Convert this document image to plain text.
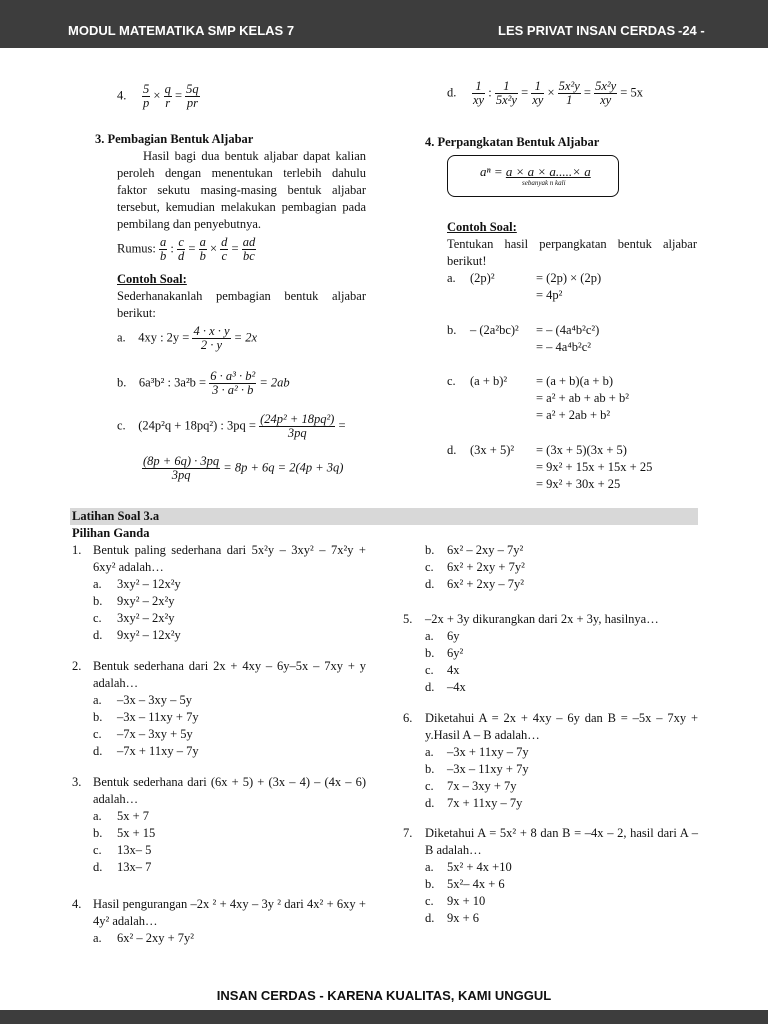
MODUL MATEMATIKA SMP KELAS 7	LES PRIVAT INSAN CERDAS -24 -
4. $\frac{5}{p} \times \frac{q}{r} = \frac{5q}{pr}$	d. $\frac{1}{xy}$ : $\frac{1}{\text{5x²y}} = \frac{1}{xy} \times \frac{\text{5x²y}}{1} = \frac{\text{5x²y}}{xy} = 5x$
3. Pembagian Bentuk Aljabar
Hasil bagi dua bentuk aljabar dapat kalian peroleh dengan menentukan terlebih dahulu faktor sekutu masing-masing bentuk aljabar tersebut, kemudian melakukan pembagian pada pembilang dan penyebutnya.
Rumus: $\frac{a}{b}$ : $\frac{c}{d} = \frac{a}{b} \times \frac{d}{c} = \frac{ad}{bc}$
Contoh Soal:
Sederhanakanlah pembagian bentuk aljabar berikut:
a. 4xy : $2y = \frac{4 \cdot x \cdot y}{2 \cdot y} = 2x$
b. 6a³b² : $3a^2b = \frac{\text{6 · a³ · b²}}{\text{3 · a² · b}} = 2ab$
c. (24p²q + 18pq²) : $3pq = \frac{\text{(24p² + 18pq²)}}{3pq}$ =
$\frac{(8p + 6q) \cdot 3pq}{3pq} = 8p + 6q = 2(4p + 3q)$
4. Perpangkatan Bentuk Aljabar
aⁿ = a × a × a.....× a
sebanyak n kali
Contoh Soal:
Tentukan hasil perpangkatan bentuk aljabar berikut!
a. (2p)²	= (2p) × (2p)
= 4p²
b. – (2a²bc)² = – (4a⁴b²c²)
= – 4a⁴b²c²
c. (a + b)² = (a + b)(a + b)
= a² + ab + ab + b²
= a² + 2ab + b²
d. (3x + 5)² = (3x + 5)(3x + 5)
= 9x² + 15x + 15x + 25
= 9x² + 30x + 25
Latihan Soal 3.a
Pilihan Ganda
1. Bentuk paling sederhana dari 5x²y – 3xy² – 7x²y + 6xy² adalah…
a. 3xy² – 12x²y
b. 9xy² – 2x²y
c. 3xy² – 2x²y
d. 9xy² – 12x²y
2. Bentuk sederhana dari 2x + 4xy – 6y–5x – 7xy + y adalah…
a. –3x – 3xy – 5y
b. –3x – 11xy + 7y
c. –7x – 3xy + 5y
d. –7x + 11xy – 7y
3. Bentuk sederhana dari (6x + 5) + (3x – 4) – (4x – 6) adalah…
a. 5x + 7
b. 5x + 15
c. 13x– 5
d. 13x– 7
4. Hasil pengurangan –2x ² + 4xy – 3y ² dari 4x² + 6xy + 4y² adalah…
a. 6x² – 2xy + 7y²
b. 6x² – 2xy – 7y²
c. 6x² + 2xy + 7y²
d. 6x² + 2xy – 7y²
5. –2x + 3y dikurangkan dari 2x + 3y, hasilnya…
a. 6y
b. 6y²
c. 4x
d. –4x
6. Diketahui A = 2x + 4xy – 6y dan B = –5x – 7xy + y.Hasil A – B adalah…
a. –3x + 11xy – 7y
b. –3x – 11xy + 7y
c. 7x – 3xy + 7y
d. 7x + 11xy – 7y
7. Diketahui A = 5x² + 8 dan B = –4x – 2, hasil dari A – B adalah…
a. 5x² + 4x +10
b. 5x²– 4x + 6
c. 9x + 10
d. 9x + 6
INSAN CERDAS - KARENA KUALITAS, KAMI UNGGUL
